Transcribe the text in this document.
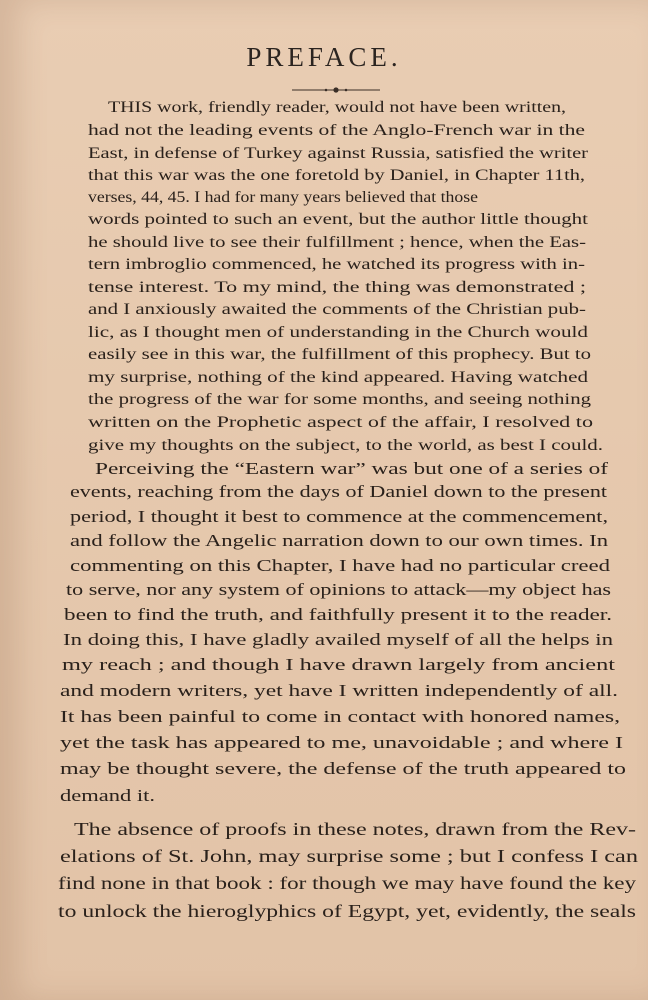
PREFACE.
THIS work, friendly reader, would not have been written,
had not the leading events of the Anglo-French war in the
East, in defense of Turkey against Russia, satisfied the writer
that this war was the one foretold by Daniel, in Chapter 11th,
verses, 44, 45. I had for many years believed that those
words pointed to such an event, but the author little thought
he should live to see their fulfillment ; hence, when the Eas-
tern imbroglio commenced, he watched its progress with in-
tense interest. To my mind, the thing was demonstrated ;
and I anxiously awaited the comments of the Christian pub-
lic, as I thought men of understanding in the Church would
easily see in this war, the fulfillment of this prophecy. But to
my surprise, nothing of the kind appeared. Having watched
the progress of the war for some months, and seeing nothing
written on the Prophetic aspect of the affair, I resolved to
give my thoughts on the subject, to the world, as best I could.
Perceiving the “Eastern war” was but one of a series of
events, reaching from the days of Daniel down to the present
period, I thought it best to commence at the commencement,
and follow the Angelic narration down to our own times. In
commenting on this Chapter, I have had no particular creed
to serve, nor any system of opinions to attack—my object has
been to find the truth, and faithfully present it to the reader.
In doing this, I have gladly availed myself of all the helps in
my reach ; and though I have drawn largely from ancient
and modern writers, yet have I written independently of all.
It has been painful to come in contact with honored names,
yet the task has appeared to me, unavoidable ; and where I
may be thought severe, the defense of the truth appeared to
demand it.
The absence of proofs in these notes, drawn from the Rev-
elations of St. John, may surprise some ; but I confess I can
find none in that book : for though we may have found the key
to unlock the hieroglyphics of Egypt, yet, evidently, the seals
